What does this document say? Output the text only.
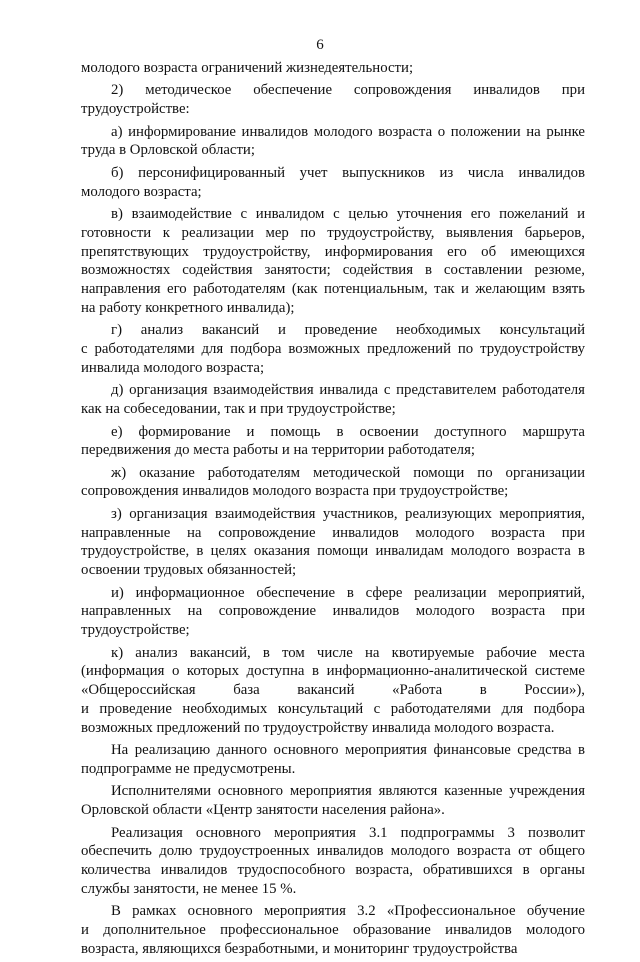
6
молодого возраста ограничений жизнедеятельности;
2)     методическое     обеспечение     сопровождения     инвалидов     при
трудоустройстве:
а) информирование инвалидов молодого возраста о положении на рынке
труда в Орловской области;
б)  персонифицированный  учет  выпускников  из  числа  инвалидов
молодого возраста;
в) взаимодействие с инвалидом с целью уточнения его пожеланий и
готовности к реализации мер по трудоустройству, выявления барьеров,
препятствующих трудоустройству, информирования его об имеющихся
возможностях содействия занятости; содействия в составлении резюме,
направления его работодателям (как потенциальным, так и желающим взять
на работу конкретного инвалида);
г)    анализ    вакансий    и    проведение    необходимых    консультаций
с работодателями для подбора возможных предложений по трудоустройству
инвалида молодого возраста;
д) организация взаимодействия инвалида с представителем работодателя
как на собеседовании, так и при трудоустройстве;
е)   формирование   и   помощь   в   освоении   доступного   маршрута
передвижения до места работы и на территории работодателя;
ж) оказание работодателям методической помощи по организации
сопровождения инвалидов молодого возраста при трудоустройстве;
з) организация взаимодействия участников, реализующих мероприятия,
направленные на сопровождение инвалидов молодого возраста при
трудоустройстве, в целях оказания помощи инвалидам молодого возраста в
освоении трудовых обязанностей;
и) информационное обеспечение в сфере реализации мероприятий,
направленных на сопровождение инвалидов молодого возраста при
трудоустройстве;
к) анализ вакансий, в том числе на квотируемые рабочие места
(информация о которых доступна в информационно-аналитической системе
«Общероссийская база вакансий «Работа в России»),
и проведение необходимых консультаций с работодателями для подбора
возможных предложений по трудоустройству инвалида молодого возраста.
На реализацию данного основного мероприятия финансовые средства в
подпрограмме не предусмотрены.
Исполнителями основного мероприятия являются казенные учреждения
Орловской области «Центр занятости населения района».
Реализация основного мероприятия 3.1 подпрограммы 3 позволит
обеспечить долю трудоустроенных инвалидов молодого возраста от общего
количества инвалидов трудоспособного возраста, обратившихся в органы
службы занятости, не менее 15 %.
В рамках основного мероприятия 3.2 «Профессиональное обучение
и дополнительное профессиональное образование инвалидов молодого
возраста, являющихся безработными, и мониторинг трудоустройства
